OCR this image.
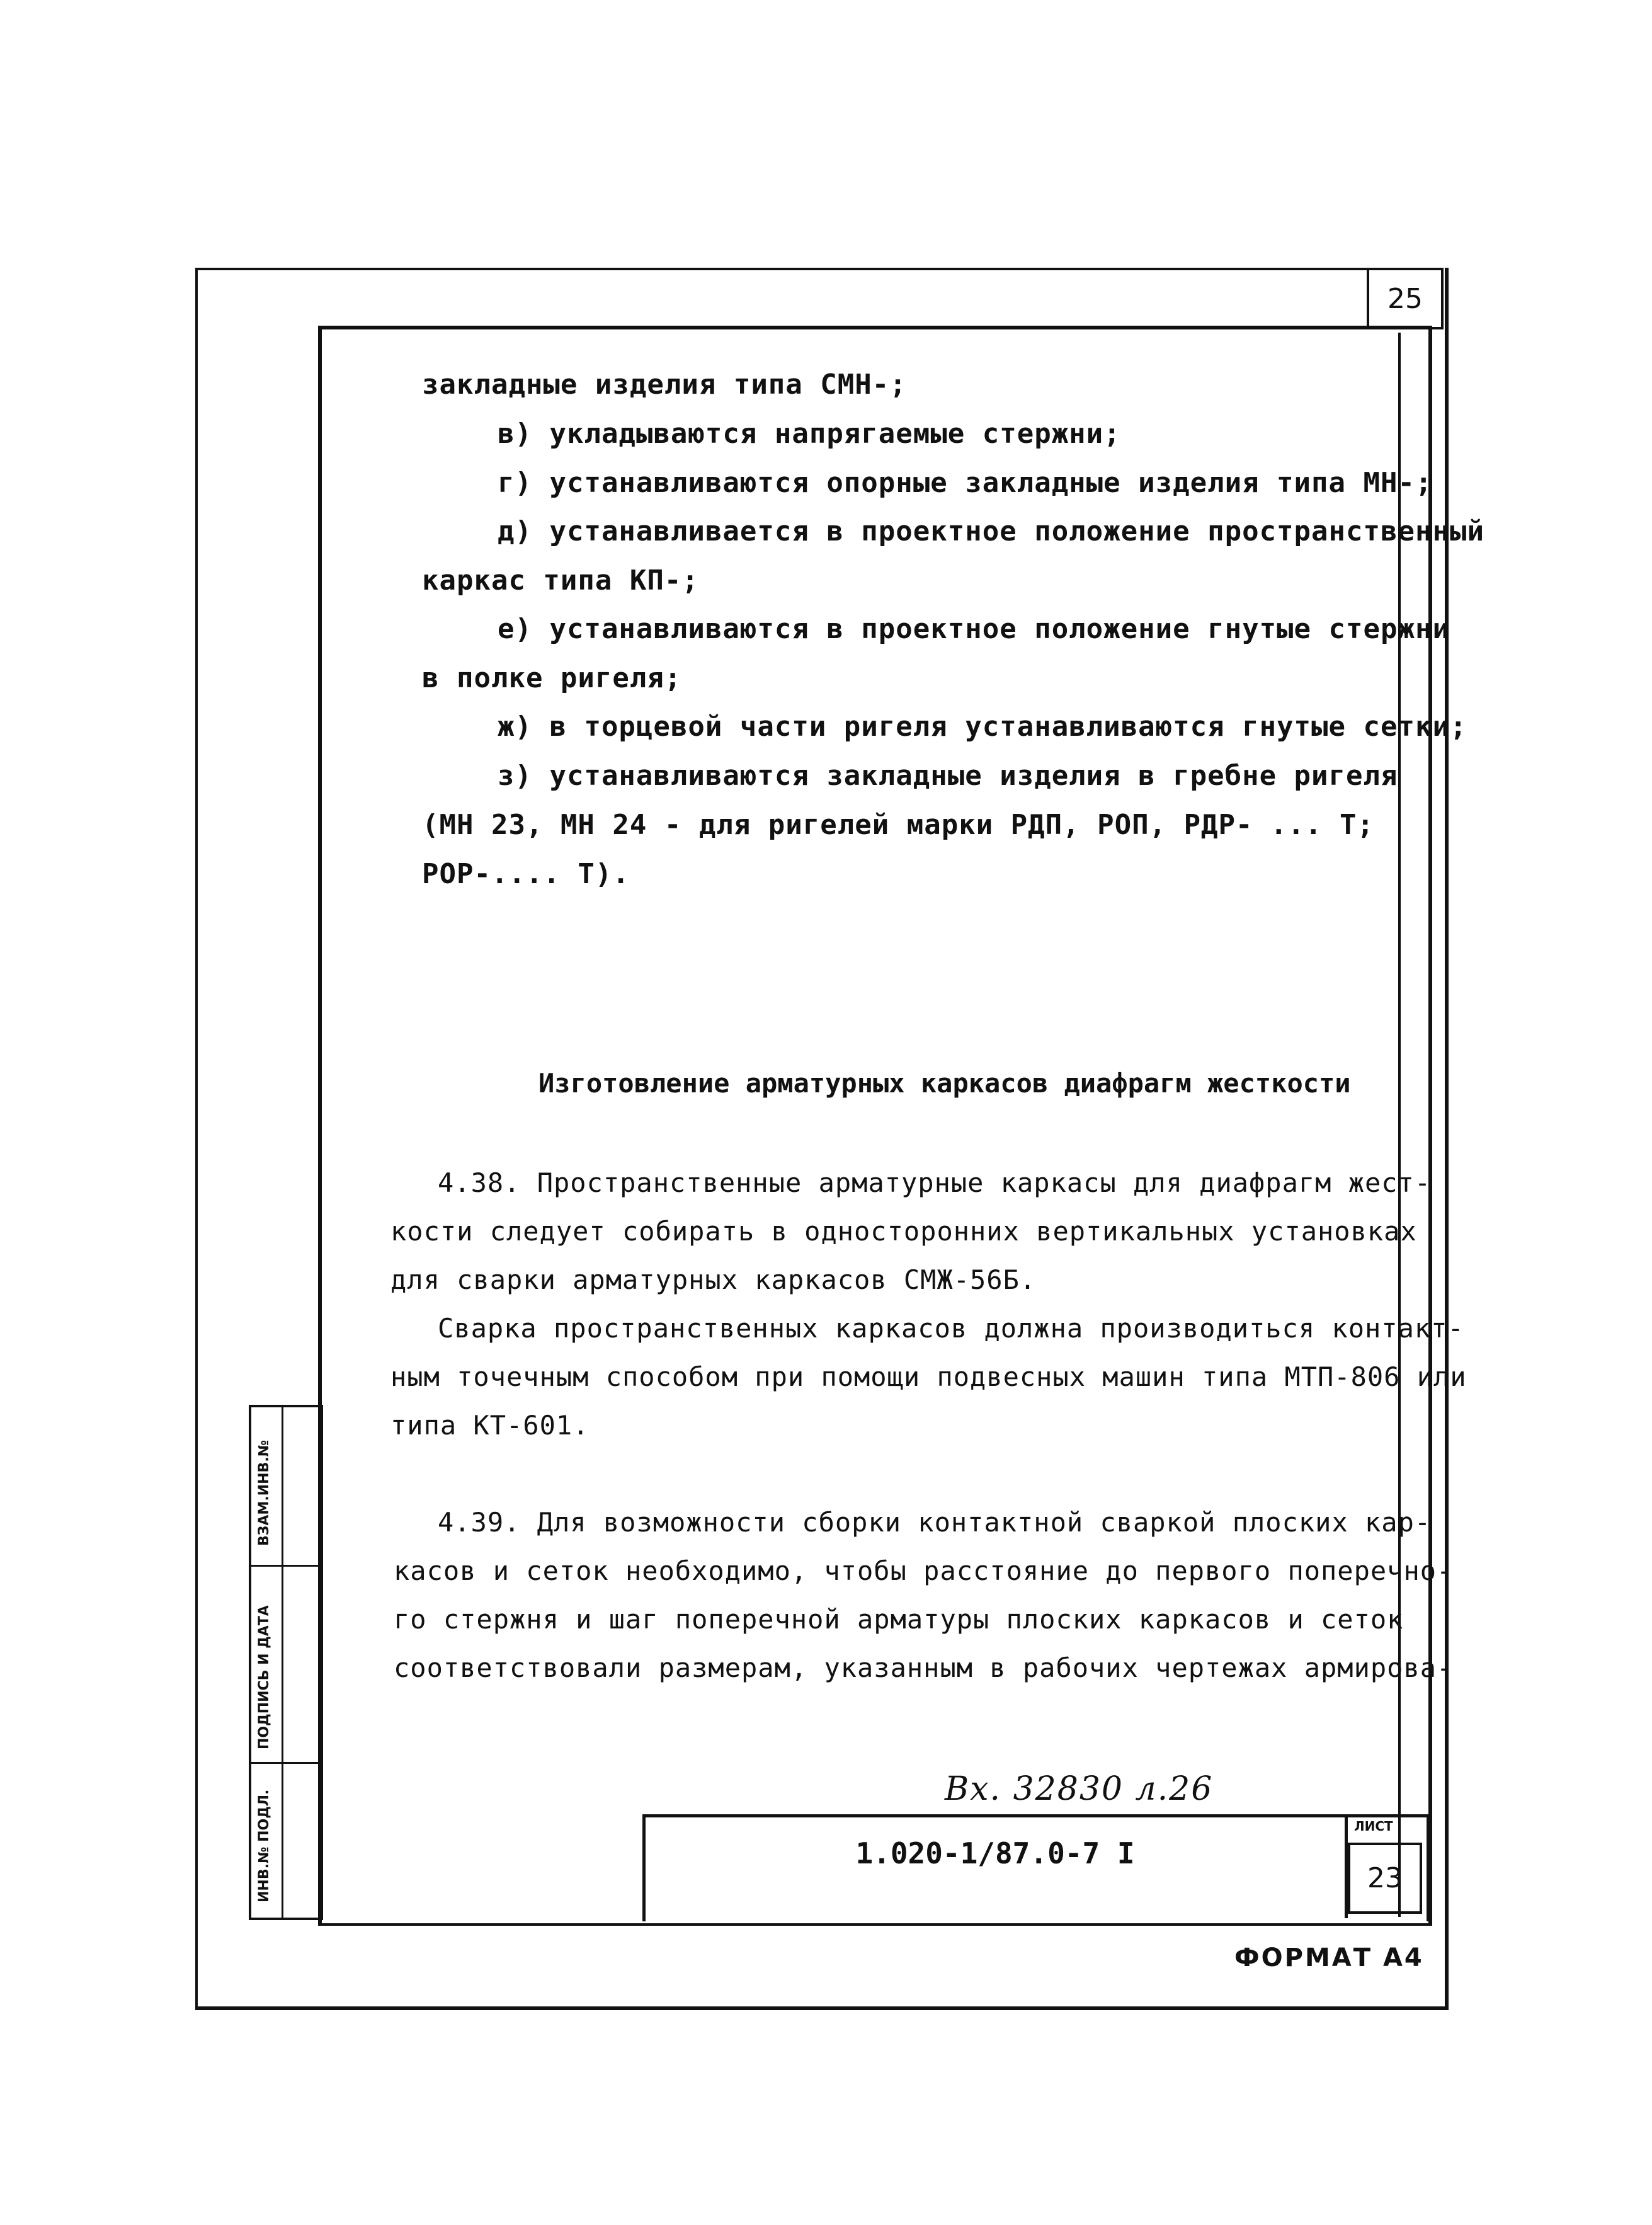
25
закладные изделия типа СМН-;
в) укладываются напрягаемые стержни;
г) устанавливаются опорные закладные изделия типа МН-;
д) устанавливается в проектное положение пространственный
каркас типа КП-;
е) устанавливаются в проектное положение гнутые стержни
в полке ригеля;
ж) в торцевой части ригеля устанавливаются гнутые сетки;
з) устанавливаются закладные изделия в гребне ригеля
(МН 23, МН 24 - для ригелей марки РДП, РОП, РДР- ... Т;
РОР-.... Т).
Изготовление арматурных каркасов диафрагм жесткости
4.38. Пространственные арматурные каркасы для диафрагм жест-
кости следует собирать в односторонних вертикальных установках
для сварки арматурных каркасов СМЖ-56Б.
Сварка пространственных каркасов должна производиться контакт-
ным точечным способом при помощи подвесных машин типа МТП-806 или
типа КТ-601.
4.39. Для возможности сборки контактной сваркой плоских кар-
касов и сеток необходимо, чтобы расстояние до первого поперечно-
го стержня и шаг поперечной арматуры плоских каркасов и сеток
соответствовали размерам, указанным в рабочих чертежах армирова-
ВЗАМ.ИНВ.№
ПОДПИСЬ И ДАТА
ИНВ.№ ПОДЛ.
Вх. 32830 л.26
1.020-1/87.0-7 I
ЛИСТ
23
ФОРМАТ А4
